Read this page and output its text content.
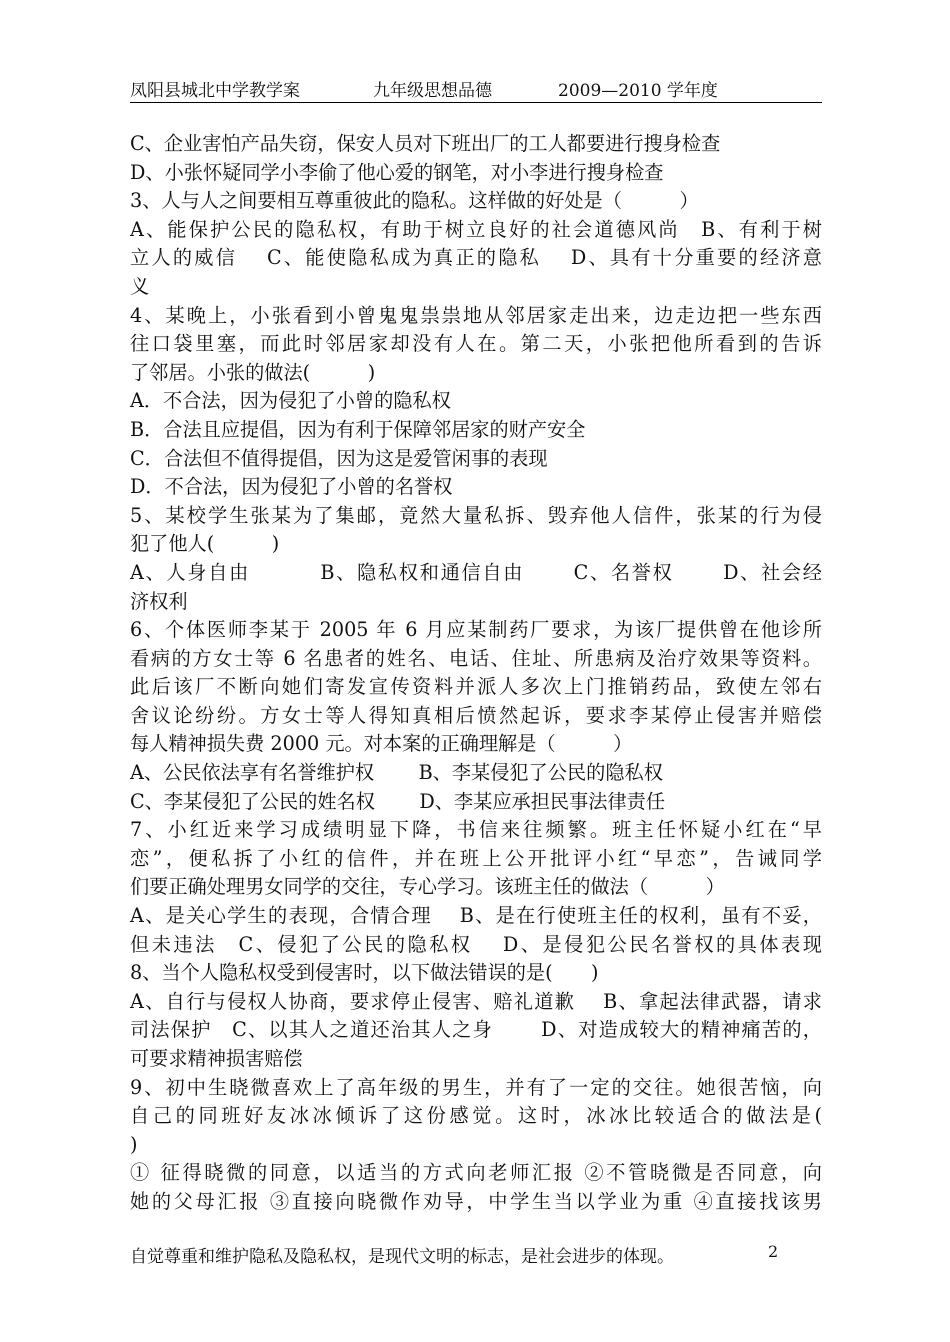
凤阳县城北中学教学案	九年级思想品德	2009—2010 学年度
C、企业害怕产品失窃，保安人员对下班出厂的工人都要进行搜身检查
D、小张怀疑同学小李偷了他心爱的钢笔，对小李进行搜身检查
3、人与人之间要相互尊重彼此的隐私。这样做的好处是（　　　）
A、能保护公民的隐私权，有助于树立良好的社会道德风尚　B、有利于树
立人的威信　 C、能使隐私成为真正的隐私　 D、具有十分重要的经济意
义
4、某晚上，小张看到小曾鬼鬼祟祟地从邻居家走出来，边走边把一些东西
往口袋里塞，而此时邻居家却没有人在。第二天，小张把他所看到的告诉
了邻居。小张的做法(　　　)
A．不合法，因为侵犯了小曾的隐私权
B．合法且应提倡，因为有利于保障邻居家的财产安全
C．合法但不值得提倡，因为这是爱管闲事的表现
D．不合法，因为侵犯了小曾的名誉权
5、某校学生张某为了集邮，竟然大量私拆、毁弃他人信件，张某的行为侵
犯了他人(　　　)
A、人身自由　　　 B、隐私权和通信自由　　 C、名誉权　　 D、社会经
济权利
6、个体医师李某于 2005 年 6 月应某制药厂要求，为该厂提供曾在他诊所
看病的方女士等 6 名患者的姓名、电话、住址、所患病及治疗效果等资料。
此后该厂不断向她们寄发宣传资料并派人多次上门推销药品，致使左邻右
舍议论纷纷。方女士等人得知真相后愤然起诉，要求李某停止侵害并赔偿
每人精神损失费 2000 元。对本案的正确理解是（　　　）
A、公民依法享有名誉维护权　　 B、李某侵犯了公民的隐私权
C、李某侵犯了公民的姓名权　　 D、李某应承担民事法律责任
7、小红近来学习成绩明显下降，书信来往频繁。班主任怀疑小红在“早
恋”，便私拆了小红的信件，并在班上公开批评小红“早恋”，告诫同学
们要正确处理男女同学的交往，专心学习。该班主任的做法（　　　）
A、是关心学生的表现，合情合理　 B、是在行使班主任的权利，虽有不妥，
但未违法　C、侵犯了公民的隐私权　 D、是侵犯公民名誉权的具体表现
8、当个人隐私权受到侵害时，以下做法错误的是(　　)
A、自行与侵权人协商，要求停止侵害、赔礼道歉　 B、拿起法律武器，请求
司法保护　C、以其人之道还治其人之身　　 D、对造成较大的精神痛苦的，
可要求精神损害赔偿
9、初中生晓微喜欢上了高年级的男生，并有了一定的交往。她很苦恼，向
自己的同班好友冰冰倾诉了这份感觉。这时，冰冰比较适合的做法是(
)
① 征得晓微的同意，以适当的方式向老师汇报 ②不管晓微是否同意，向
她的父母汇报 ③直接向晓微作劝导，中学生当以学业为重 ④直接找该男
自觉尊重和维护隐私及隐私权，是现代文明的标志，是社会进步的体现。	2
